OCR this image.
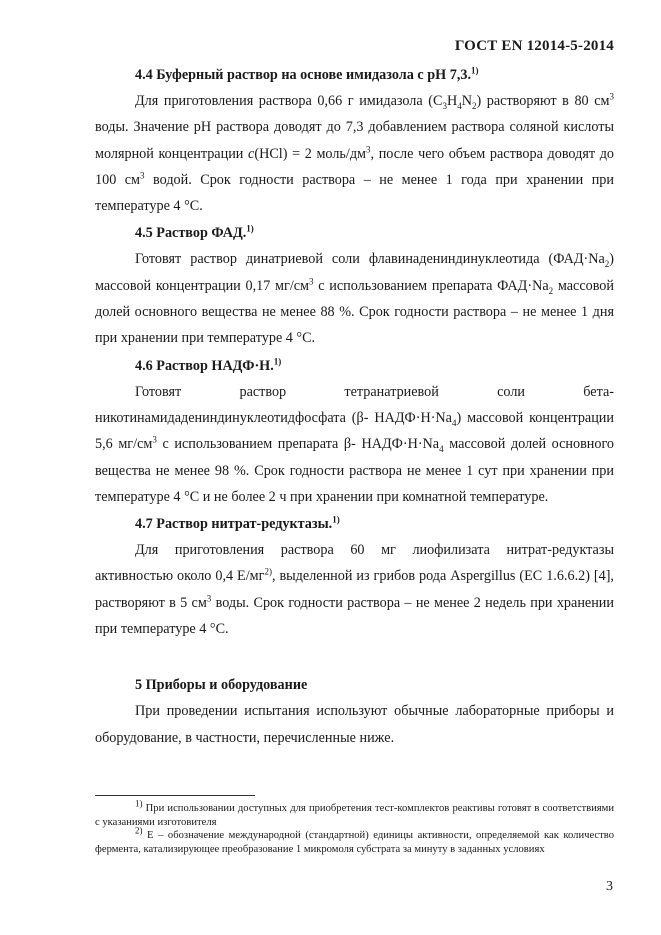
ГОСТ EN 12014-5-2014
4.4 Буферный раствор на основе имидазола с рН 7,3.$^{1)}$

Для приготовления раствора 0,66 г имидазола $(C_3H_4N_2)$ растворяют в 80 $см^3$ воды. Значение pH раствора доводят до 7,3 добавлением раствора соляной кислоты молярной концентрации c(HCl) = 2 моль/$дм^3$, после чего объем раствора доводят до 100 $см^3$ водой. Срок годности раствора – не менее 1 года при хранении при температуре 4 °C.

4.5 Раствор ФАД.$^{1)}$

Готовят раствор динатриевой соли флавинадениндинуклеотида $(ФАД\cdot Na_2)$ массовой концентрации 0,17 $мг/см^3$ с использованием препарата $ФАД\cdot Na_2$ массовой долей основного вещества не менее 88 %. Срок годности раствора – не менее 1 дня при хранении при температуре 4 °C.

4.6 Раствор НАДФ·Н.$^{1)}$

Готовят раствор тетранатриевой соли бета-никотинамидадениндинуклеотидфосфата (β- $НАДФ\cdot Н\cdot Na_4$) массовой концентрации 5,6 $мг/см^3$ с использованием препарата β- $НАДФ\cdot Н\cdot Na_4$ массовой долей основного вещества не менее 98 %. Срок годности раствора не менее 1 сут при хранении при температуре 4 °C и не более 2 ч при хранении при комнатной температуре.

4.7 Раствор нитрат-редуктазы.$^{1)}$

Для приготовления раствора 60 мг лиофилизата нитрат-редуктазы активностью около 0,4 $Е/мг^{2)}$, выделенной из грибов рода Aspergillus (EC 1.6.6.2) [4], растворяют в 5 $см^3$ воды. Срок годности раствора – не менее 2 недель при хранении при температуре 4 °C.

5 Приборы и оборудование

При проведении испытания используют обычные лабораторные приборы и оборудование, в частности, перечисленные ниже.

$^{1)}$ При использовании доступных для приобретения тест-комплектов реактивы готовят в соответствиями с указаниями изготовителя

$^{2)}$ Е – обозначение международной (стандартной) единицы активности, определяемой как количество фермента, катализирующее преобразование 1 микромоля субстрата за минуту в заданных условиях

3
